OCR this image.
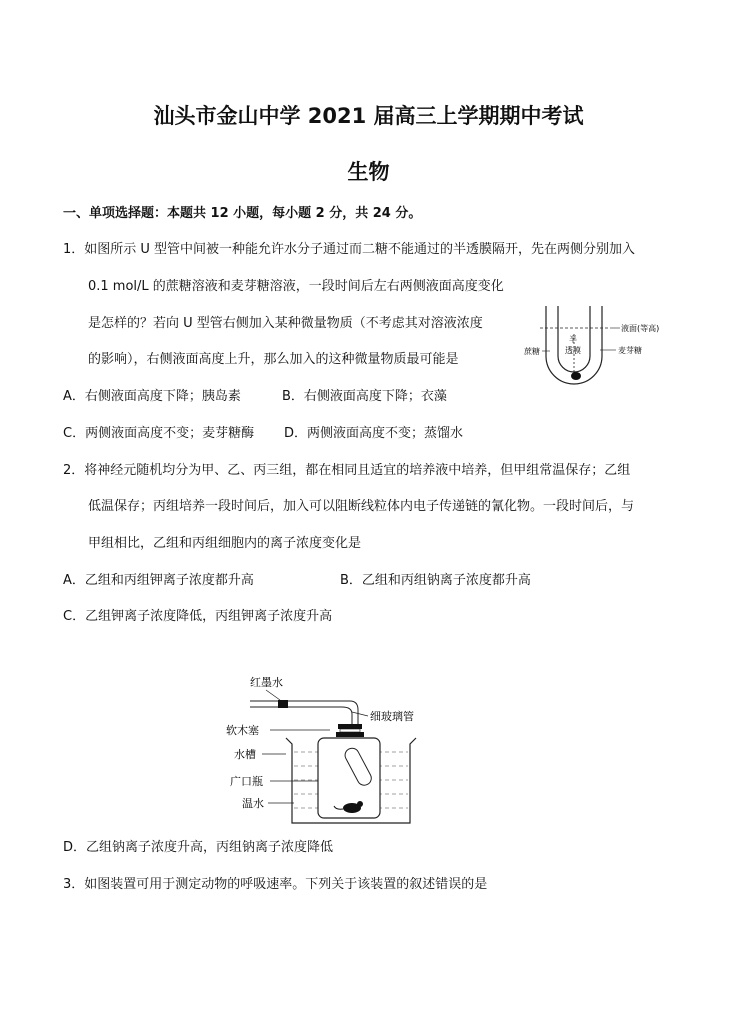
汕头市金山中学 2021 届高三上学期期中考试
生物
一、单项选择题：本题共 12 小题，每小题 2 分，共 24 分。
1．如图所示 U 型管中间被一种能允许水分子通过而二糖不能通过的半透膜隔开，先在两侧分别加入
0.1 mol/L 的蔗糖溶液和麦芽糖溶液，一段时间后左右两侧液面高度变化
是怎样的？若向 U 型管右侧加入某种微量物质（不考虑其对溶液浓度
的影响），右侧液面高度上升，那么加入的这种微量物质最可能是
A．右侧液面高度下降；胰岛素	B．右侧液面高度下降；衣藻
C．两侧液面高度不变；麦芽糖酶 D．两侧液面高度不变；蒸馏水
液面(等高)
半
透膜
蔗糖	麦芽糖
2．将神经元随机均分为甲、乙、丙三组，都在相同且适宜的培养液中培养，但甲组常温保存；乙组
低温保存；丙组培养一段时间后，加入可以阻断线粒体内电子传递链的氰化物。一段时间后，与
甲组相比，乙组和丙组细胞内的离子浓度变化是
A．乙组和丙组钾离子浓度都升高	B．乙组和丙组钠离子浓度都升高
C．乙组钾离子浓度降低，丙组钾离子浓度升高
红墨水
细玻璃管
软木塞
水槽
广口瓶
温水
D．乙组钠离子浓度升高，丙组钠离子浓度降低
3．如图装置可用于测定动物的呼吸速率。下列关于该装置的叙述错误的是
